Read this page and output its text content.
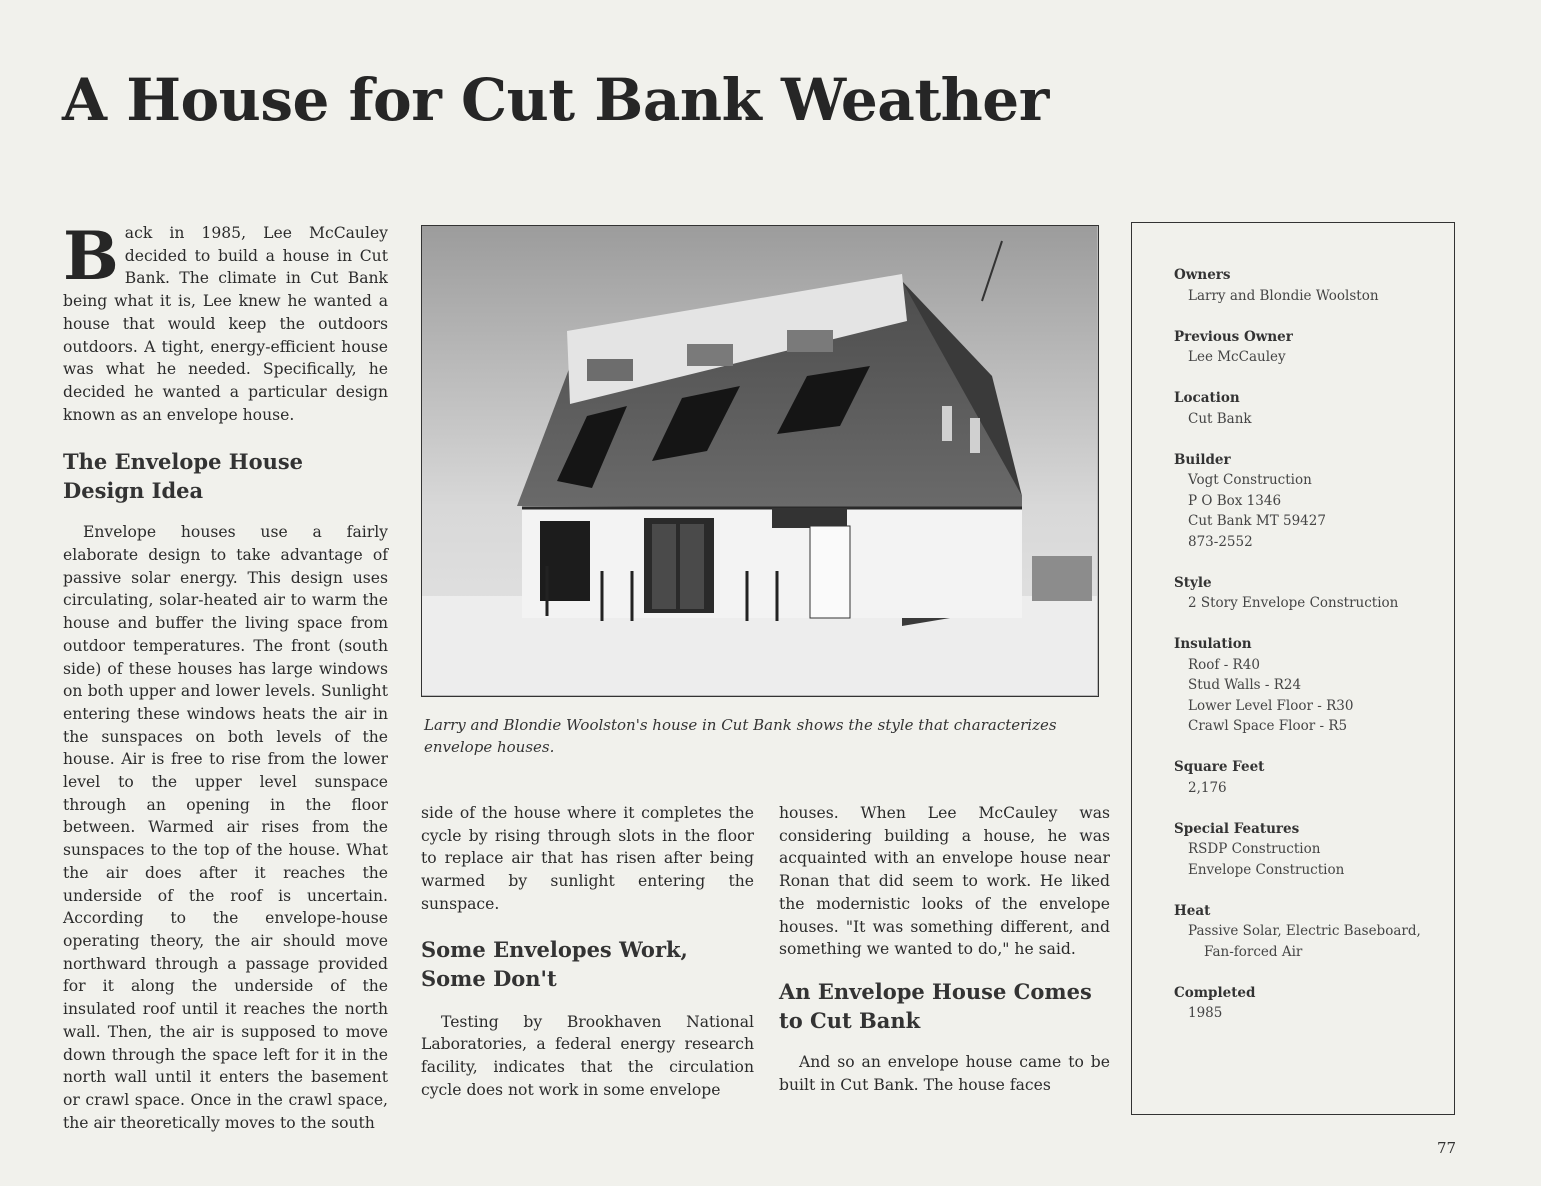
A House for Cut Bank Weather

Back in 1985, Lee McCauley decided to build a house in Cut Bank. The climate in Cut Bank being what it is, Lee knew he wanted a house that would keep the outdoors outdoors. A tight, energy-efficient house was what he needed. Specifically, he decided he wanted a particular design known as an envelope house.

The Envelope House Design Idea

Envelope houses use a fairly elaborate design to take advantage of passive solar energy. This design uses circulating, solar-heated air to warm the house and buffer the living space from outdoor temperatures. The front (south side) of these houses has large windows on both upper and lower levels. Sunlight entering these windows heats the air in the sunspaces on both levels of the house. Air is free to rise from the lower level to the upper level sunspace through an opening in the floor between. Warmed air rises from the sunspaces to the top of the house. What the air does after it reaches the underside of the roof is uncertain. According to the envelope-house operating theory, the air should move northward through a passage provided for it along the underside of the insulated roof until it reaches the north wall. Then, the air is supposed to move down through the space left for it in the north wall until it enters the basement or crawl space. Once in the crawl space, the air theoretically moves to the south

Larry and Blondie Woolston's house in Cut Bank shows the style that characterizes envelope houses.

side of the house where it completes the cycle by rising through slots in the floor to replace air that has risen after being warmed by sunlight entering the sunspace.

Some Envelopes Work, Some Don't

Testing by Brookhaven National Laboratories, a federal energy research facility, indicates that the circulation cycle does not work in some envelope

houses. When Lee McCauley was considering building a house, he was acquainted with an envelope house near Ronan that did seem to work. He liked the modernistic looks of the envelope houses. "It was something different, and something we wanted to do," he said.

An Envelope House Comes to Cut Bank

And so an envelope house came to be built in Cut Bank. The house faces

Owners
Larry and Blondie Woolston
Previous Owner
Lee McCauley
Location
Cut Bank
Builder
Vogt Construction
P O Box 1346
Cut Bank MT 59427
873-2552
Style
2 Story Envelope Construction
Insulation
Roof - R40
Stud Walls - R24
Lower Level Floor - R30
Crawl Space Floor - R5
Square Feet
2,176
Special Features
RSDP Construction
Envelope Construction
Heat
Passive Solar, Electric Baseboard,
Fan-forced Air
Completed
1985
77
